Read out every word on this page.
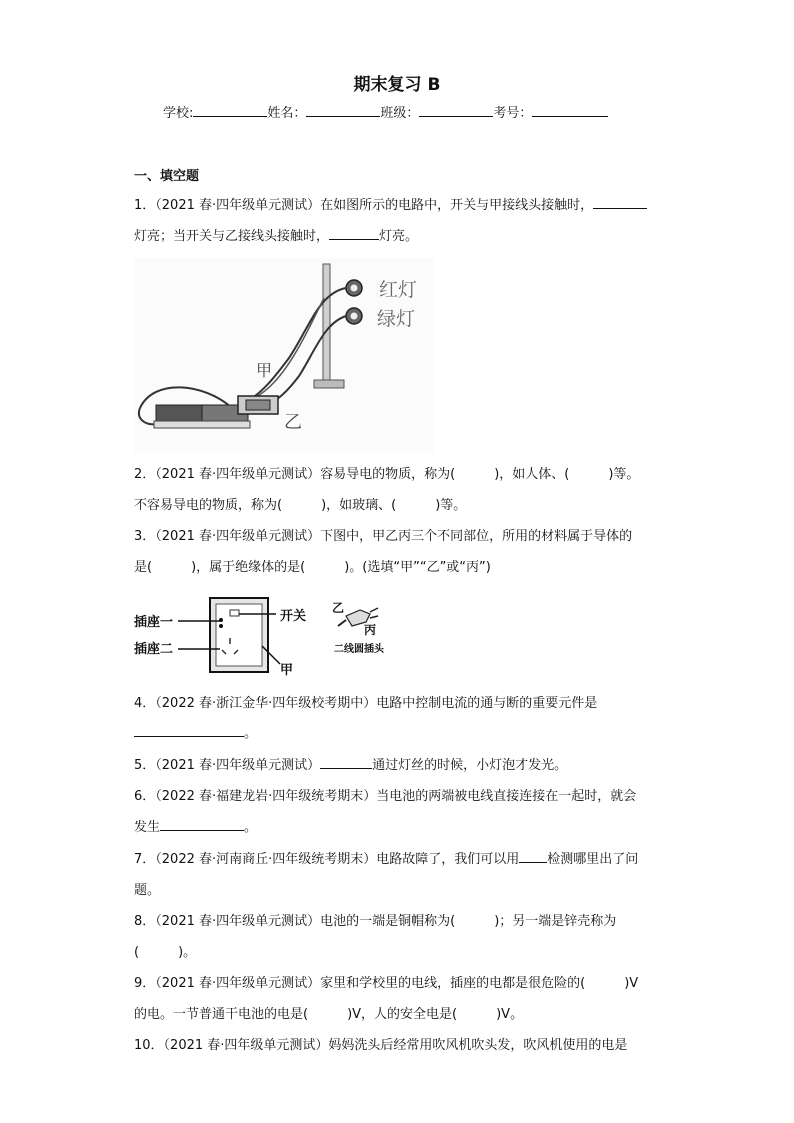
期末复习 B
学校:	姓名：	班级：	考号：
一、填空题
1．（2021 春·四年级单元测试）在如图所示的电路中，开关与甲接线头接触时，
灯亮；当开关与乙接线头接触时，	灯亮。
红灯
绿灯
甲
乙
2．（2021 春·四年级单元测试）容易导电的物质，称为(　　　)，如人体、(　　　)等。
不容易导电的物质，称为(　　　)，如玻璃、(　　　)等。
3．（2021 春·四年级单元测试）下图中，甲乙丙三个不同部位，所用的材料属于导体的
是(　　　)，属于绝缘体的是(　　　)。(选填“甲”“乙”或“丙”)
插座一
插座二
开关
甲
乙
丙
二线圆插头
4．（2022 春·浙江金华·四年级校考期中）电路中控制电流的通与断的重要元件是
。
5．（2021 春·四年级单元测试）	通过灯丝的时候，小灯泡才发光。
6．（2022 春·福建龙岩·四年级统考期末）当电池的两端被电线直接连接在一起时，就会
发生	。
7．（2022 春·河南商丘·四年级统考期末）电路故障了，我们可以用 检测哪里出了问
题。
8．（2021 春·四年级单元测试）电池的一端是铜帽称为(　　　)；另一端是锌壳称为
(　　　)。
9．（2021 春·四年级单元测试）家里和学校里的电线，插座的电都是很危险的(　　　)V
的电。一节普通干电池的电是(　　　)V，人的安全电是(　　　)V。
10．（2021 春·四年级单元测试）妈妈洗头后经常用吹风机吹头发，吹风机使用的电是
